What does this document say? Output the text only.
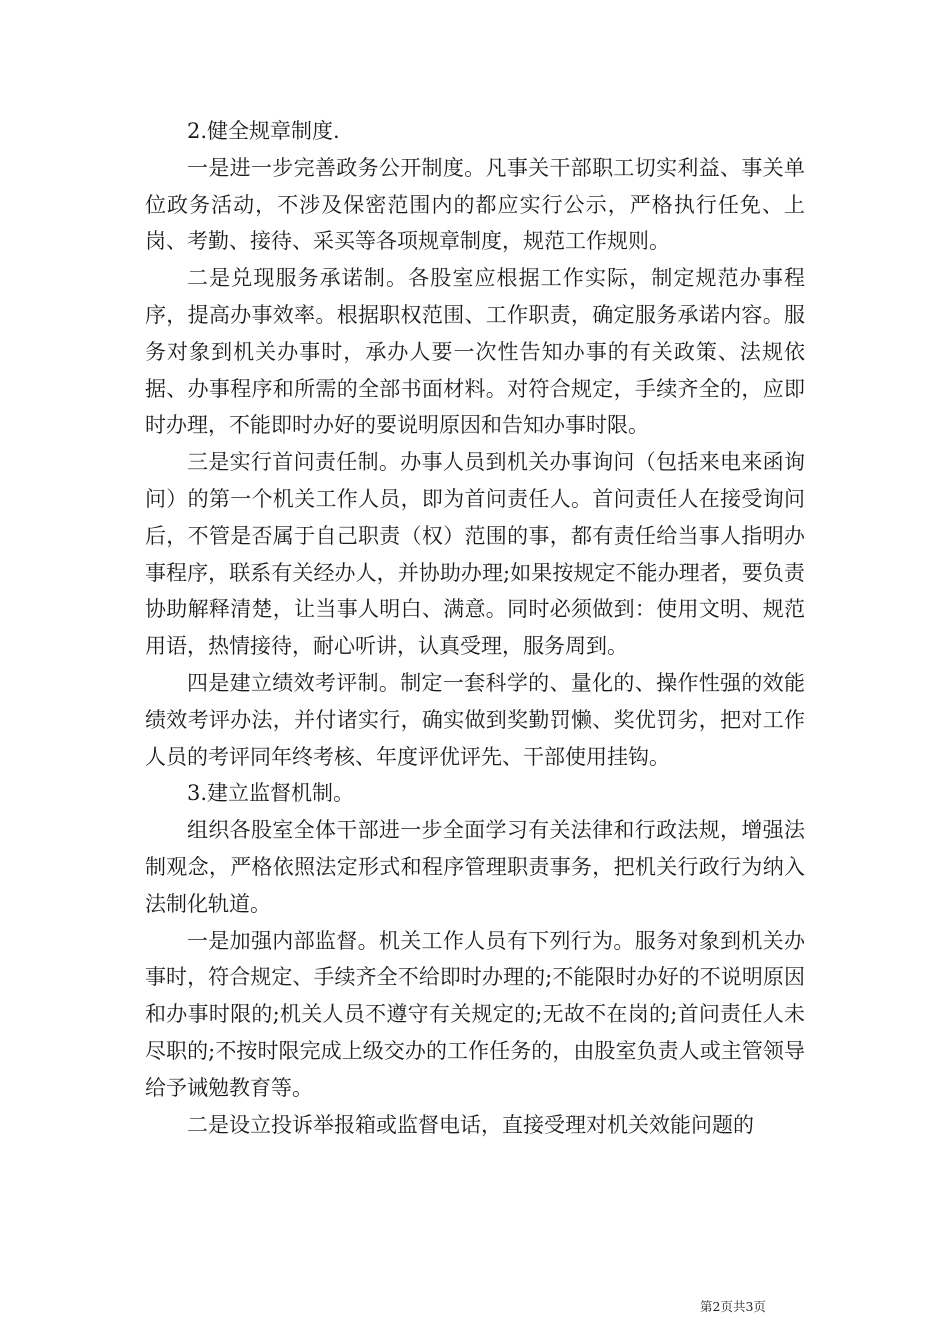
2.健全规章制度.

一是进一步完善政务公开制度。凡事关干部职工切实利益、事关单位政务活动，不涉及保密范围内的都应实行公示，严格执行任免、上岗、考勤、接待、采买等各项规章制度，规范工作规则。

二是兑现服务承诺制。各股室应根据工作实际，制定规范办事程序，提高办事效率。根据职权范围、工作职责，确定服务承诺内容。服务对象到机关办事时，承办人要一次性告知办事的有关政策、法规依据、办事程序和所需的全部书面材料。对符合规定，手续齐全的，应即时办理，不能即时办好的要说明原因和告知办事时限。

三是实行首问责任制。办事人员到机关办事询问（包括来电来函询问）的第一个机关工作人员，即为首问责任人。首问责任人在接受询问后，不管是否属于自己职责（权）范围的事，都有责任给当事人指明办事程序，联系有关经办人，并协助办理;如果按规定不能办理者，要负责协助解释清楚，让当事人明白、满意。同时必须做到：使用文明、规范用语，热情接待，耐心听讲，认真受理，服务周到。

四是建立绩效考评制。制定一套科学的、量化的、操作性强的效能绩效考评办法，并付诸实行，确实做到奖勤罚懒、奖优罚劣，把对工作人员的考评同年终考核、年度评优评先、干部使用挂钩。

3.建立监督机制。

组织各股室全体干部进一步全面学习有关法律和行政法规，增强法制观念，严格依照法定形式和程序管理职责事务，把机关行政行为纳入法制化轨道。

一是加强内部监督。机关工作人员有下列行为。服务对象到机关办事时，符合规定、手续齐全不给即时办理的;不能限时办好的不说明原因和办事时限的;机关人员不遵守有关规定的;无故不在岗的;首问责任人未尽职的;不按时限完成上级交办的工作任务的，由股室负责人或主管领导给予诫勉教育等。

二是设立投诉举报箱或监督电话，直接受理对机关效能问题的

第2页共3页
